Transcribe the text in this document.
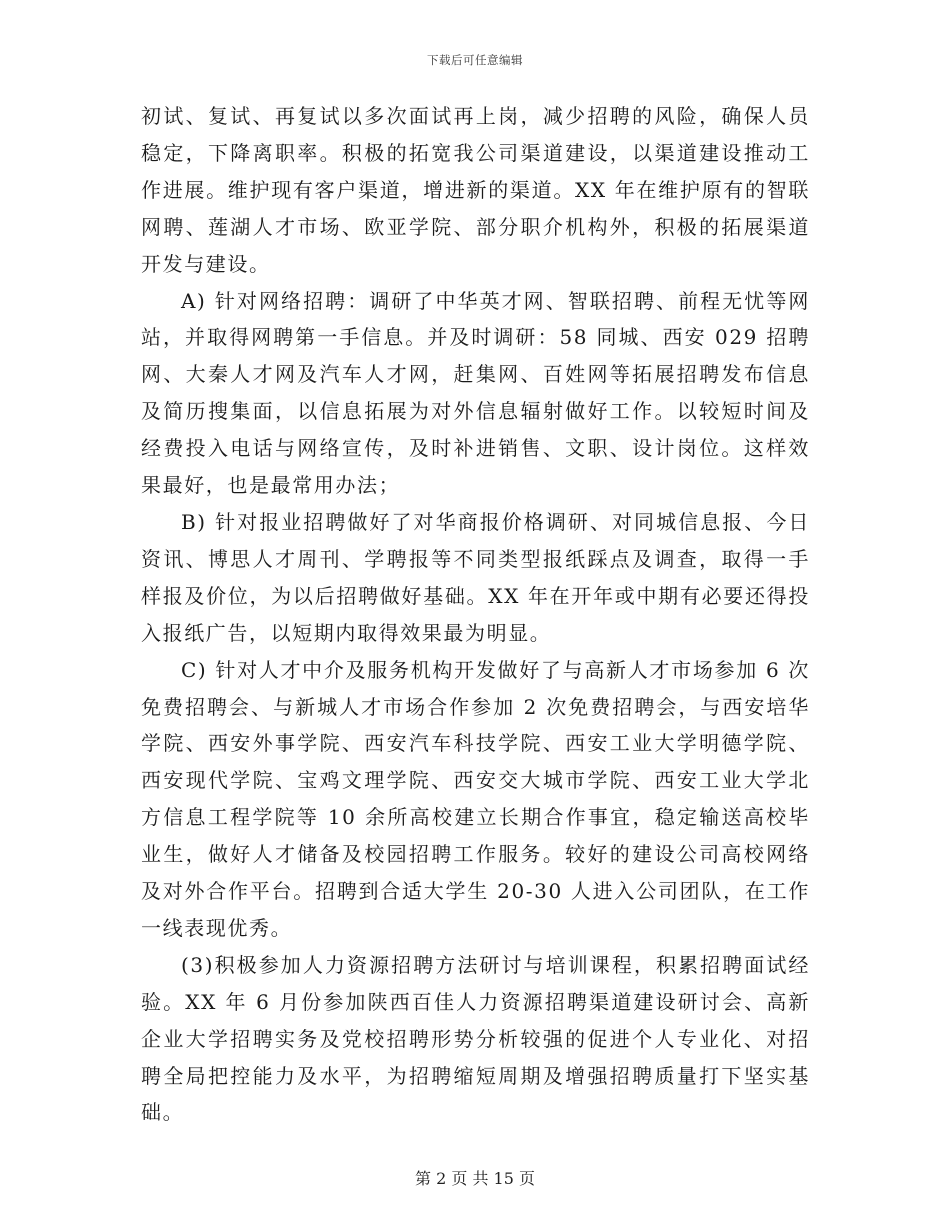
下载后可任意编辑

初试、复试、再复试以多次面试再上岗，减少招聘的风险，确保人员稳定，下降离职率。积极的拓宽我公司渠道建设，以渠道建设推动工作进展。维护现有客户渠道，增进新的渠道。XX 年在维护原有的智联网聘、莲湖人才市场、欧亚学院、部分职介机构外，积极的拓展渠道开发与建设。

A) 针对网络招聘：调研了中华英才网、智联招聘、前程无忧等网站，并取得网聘第一手信息。并及时调研：58 同城、西安 029 招聘网、大秦人才网及汽车人才网，赶集网、百姓网等拓展招聘发布信息及简历搜集面，以信息拓展为对外信息辐射做好工作。以较短时间及经费投入电话与网络宣传，及时补进销售、文职、设计岗位。这样效果最好，也是最常用办法；

B) 针对报业招聘做好了对华商报价格调研、对同城信息报、今日资讯、博思人才周刊、学聘报等不同类型报纸踩点及调查，取得一手样报及价位，为以后招聘做好基础。XX 年在开年或中期有必要还得投入报纸广告，以短期内取得效果最为明显。

C) 针对人才中介及服务机构开发做好了与高新人才市场参加 6 次免费招聘会、与新城人才市场合作参加 2 次免费招聘会，与西安培华学院、西安外事学院、西安汽车科技学院、西安工业大学明德学院、西安现代学院、宝鸡文理学院、西安交大城市学院、西安工业大学北方信息工程学院等 10 余所高校建立长期合作事宜，稳定输送高校毕业生，做好人才储备及校园招聘工作服务。较好的建设公司高校网络及对外合作平台。招聘到合适大学生 20-30 人进入公司团队，在工作一线表现优秀。

(3)积极参加人力资源招聘方法研讨与培训课程，积累招聘面试经验。XX 年 6 月份参加陕西百佳人力资源招聘渠道建设研讨会、高新企业大学招聘实务及党校招聘形势分析较强的促进个人专业化、对招聘全局把控能力及水平，为招聘缩短周期及增强招聘质量打下坚实基础。

第 2 页 共 15 页
